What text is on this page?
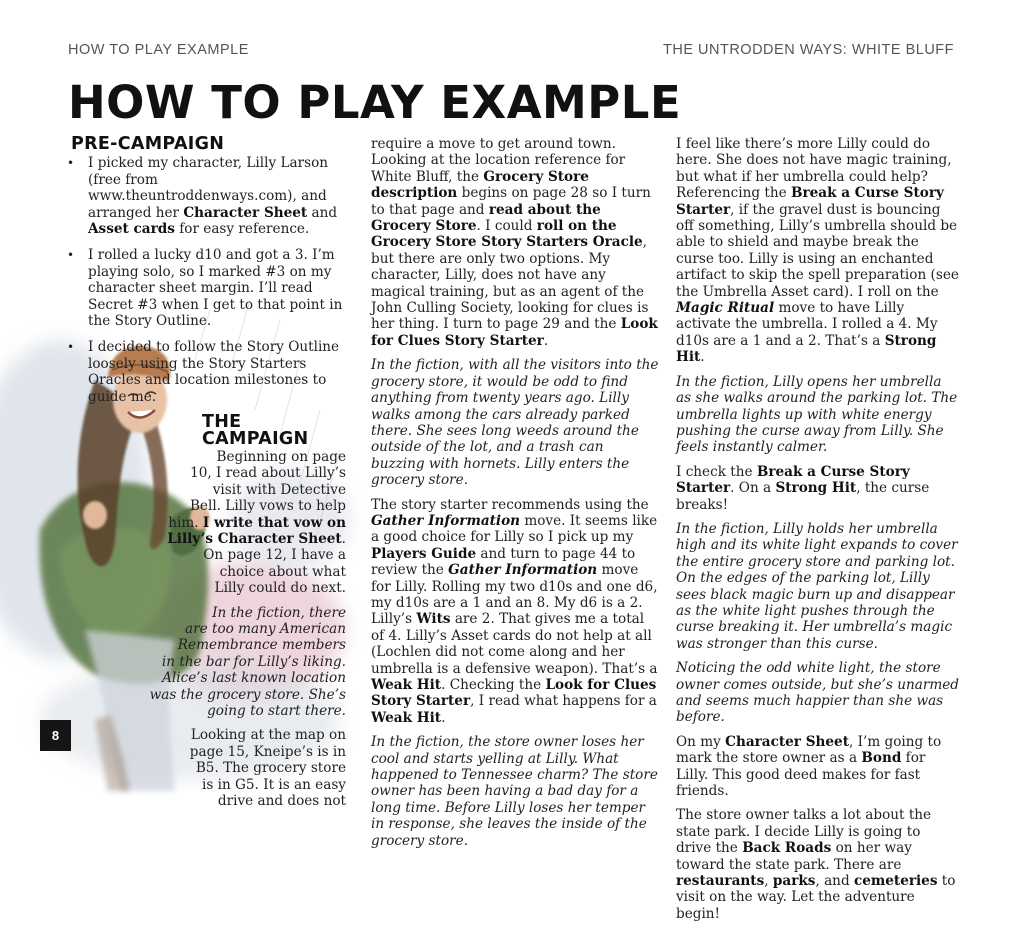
HOW TO PLAY EXAMPLE	THE UNTRODDEN WAYS: WHITE BLUFF
HOW TO PLAY EXAMPLE
8
PRE-CAMPAIGN
• I picked my character, Lilly Larson (free from www.theuntroddenways.com), and arranged her Character Sheet and Asset cards for easy reference.
• I rolled a lucky d10 and got a 3. I’m playing solo, so I marked #3 on my character sheet margin. I’ll read Secret #3 when I get to that point in the Story Outline.
• I decided to follow the Story Outline loosely using the Story Starters Oracles and location milestones to guide me.
THE CAMPAIGN

Beginning on page
10, I read about Lilly’s
visit with Detective
Bell. Lilly vows to help
him. I write that vow on
Lilly’s Character Sheet.
On page 12, I have a
choice about what
Lilly could do next.

In the fiction, there
are too many American
Remembrance members
in the bar for Lilly’s liking.
Alice’s last known location
was the grocery store. She’s
going to start there.

Looking at the map on
page 15, Kneipe’s is in
B5. The grocery store
is in G5. It is an easy
drive and does not

require a move to get around town. Looking at the location reference for White Bluff, the Grocery Store description begins on page 28 so I turn to that page and read about the Grocery Store. I could roll on the Grocery Store Story Starters Oracle, but there are only two options. My character, Lilly, does not have any magical training, but as an agent of the John Culling Society, looking for clues is her thing. I turn to page 29 and the Look for Clues Story Starter.

In the fiction, with all the visitors into the grocery store, it would be odd to find anything from twenty years ago. Lilly walks among the cars already parked there. She sees long weeds around the outside of the lot, and a trash can buzzing with hornets. Lilly enters the grocery store.

The story starter recommends using the Gather Information move. It seems like a good choice for Lilly so I pick up my Players Guide and turn to page 44 to review the Gather Information move for Lilly. Rolling my two d10s and one d6, my d10s are a 1 and an 8. My d6 is a 2. Lilly’s Wits are 2. That gives me a total of 4. Lilly’s Asset cards do not help at all (Lochlen did not come along and her umbrella is a defensive weapon). That’s a Weak Hit. Checking the Look for Clues Story Starter, I read what happens for a Weak Hit.

In the fiction, the store owner loses her cool and starts yelling at Lilly. What happened to Tennessee charm? The store owner has been having a bad day for a long time. Before Lilly loses her temper in response, she leaves the inside of the grocery store.

I feel like there’s more Lilly could do here. She does not have magic training, but what if her umbrella could help? Referencing the Break a Curse Story Starter, if the gravel dust is bouncing off something, Lilly’s umbrella should be able to shield and maybe break the curse too. Lilly is using an enchanted artifact to skip the spell preparation (see the Umbrella Asset card). I roll on the Magic Ritual move to have Lilly activate the umbrella. I rolled a 4. My d10s are a 1 and a 2. That’s a Strong Hit.

In the fiction, Lilly opens her umbrella as she walks around the parking lot. The umbrella lights up with white energy pushing the curse away from Lilly. She feels instantly calmer.

I check the Break a Curse Story Starter. On a Strong Hit, the curse breaks!

In the fiction, Lilly holds her umbrella high and its white light expands to cover the entire grocery store and parking lot. On the edges of the parking lot, Lilly sees black magic burn up and disappear as the white light pushes through the curse breaking it. Her umbrella’s magic was stronger than this curse.

Noticing the odd white light, the store owner comes outside, but she’s unarmed and seems much happier than she was before.

On my Character Sheet, I’m going to mark the store owner as a Bond for Lilly. This good deed makes for fast friends.

The store owner talks a lot about the state park. I decide Lilly is going to drive the Back Roads on her way toward the state park. There are restaurants, parks, and cemeteries to visit on the way. Let the adventure begin!
